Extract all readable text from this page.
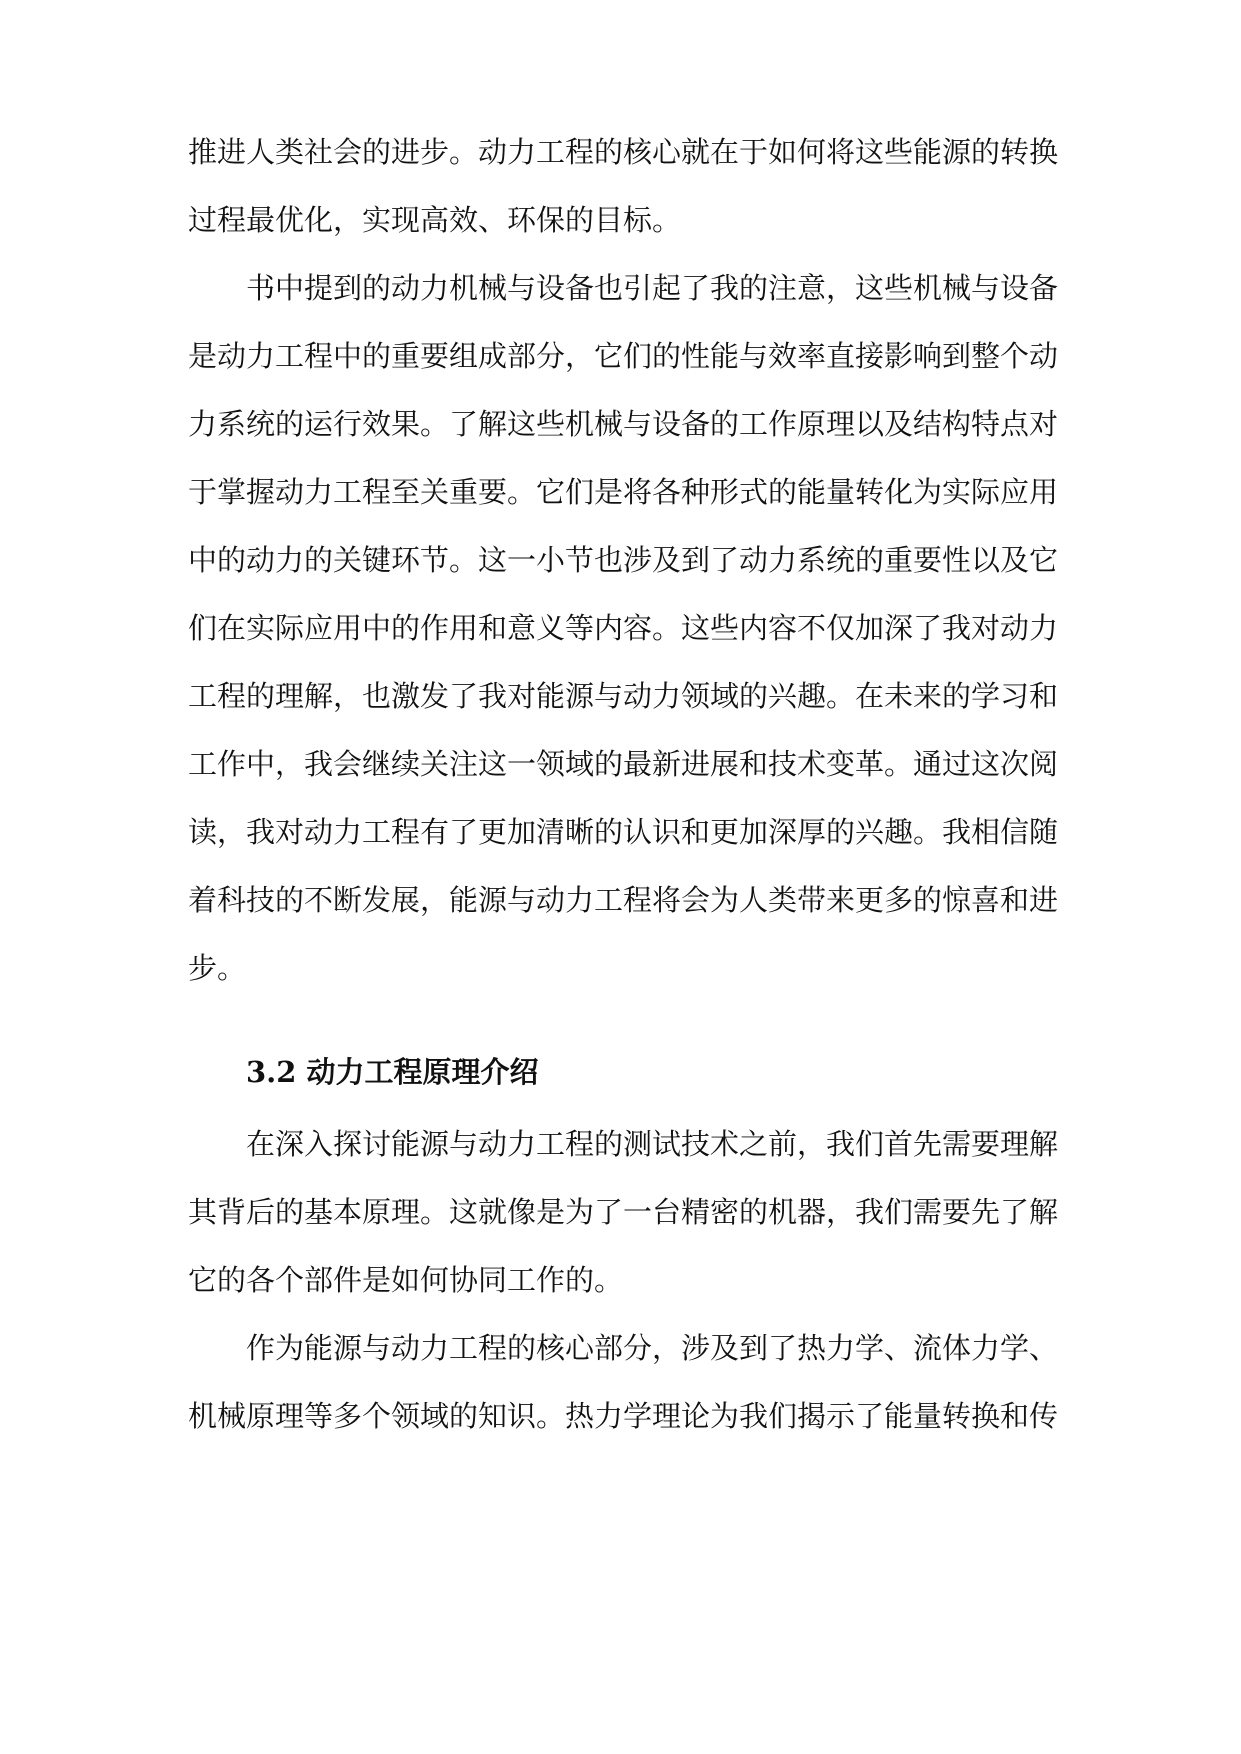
推进人类社会的进步。动力工程的核心就在于如何将这些能源的转换
过程最优化，实现高效、环保的目标。
书中提到的动力机械与设备也引起了我的注意，这些机械与设备
是动力工程中的重要组成部分，它们的性能与效率直接影响到整个动
力系统的运行效果。了解这些机械与设备的工作原理以及结构特点对
于掌握动力工程至关重要。它们是将各种形式的能量转化为实际应用
中的动力的关键环节。这一小节也涉及到了动力系统的重要性以及它
们在实际应用中的作用和意义等内容。这些内容不仅加深了我对动力
工程的理解，也激发了我对能源与动力领域的兴趣。在未来的学习和
工作中，我会继续关注这一领域的最新进展和技术变革。通过这次阅
读，我对动力工程有了更加清晰的认识和更加深厚的兴趣。我相信随
着科技的不断发展，能源与动力工程将会为人类带来更多的惊喜和进
步。
3.2 动力工程原理介绍
在深入探讨能源与动力工程的测试技术之前，我们首先需要理解
其背后的基本原理。这就像是为了一台精密的机器，我们需要先了解
它的各个部件是如何协同工作的。
作为能源与动力工程的核心部分，涉及到了热力学、流体力学、
机械原理等多个领域的知识。热力学理论为我们揭示了能量转换和传
